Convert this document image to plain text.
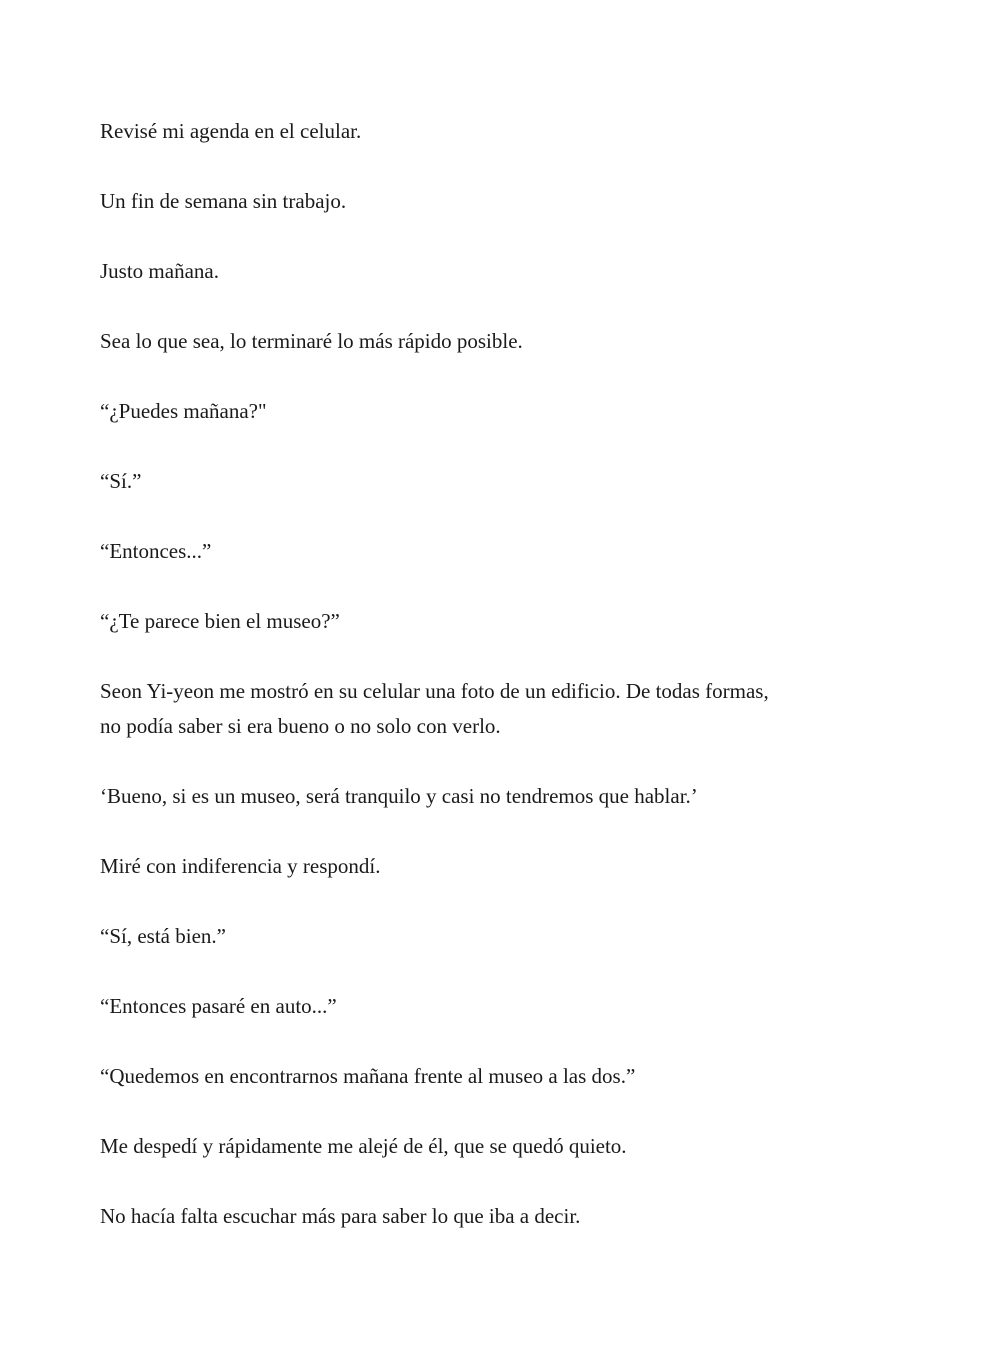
Revisé mi agenda en el celular.

Un fin de semana sin trabajo.

Justo mañana.

Sea lo que sea, lo terminaré lo más rápido posible.

“¿Puedes mañana?"

“Sí.”

“Entonces...”

“¿Te parece bien el museo?”

Seon Yi-yeon me mostró en su celular una foto de un edificio. De todas formas,
no podía saber si era bueno o no solo con verlo.

‘Bueno, si es un museo, será tranquilo y casi no tendremos que hablar.’

Miré con indiferencia y respondí.

“Sí, está bien.”

“Entonces pasaré en auto...”

“Quedemos en encontrarnos mañana frente al museo a las dos.”

Me despedí y rápidamente me alejé de él, que se quedó quieto.

No hacía falta escuchar más para saber lo que iba a decir.
